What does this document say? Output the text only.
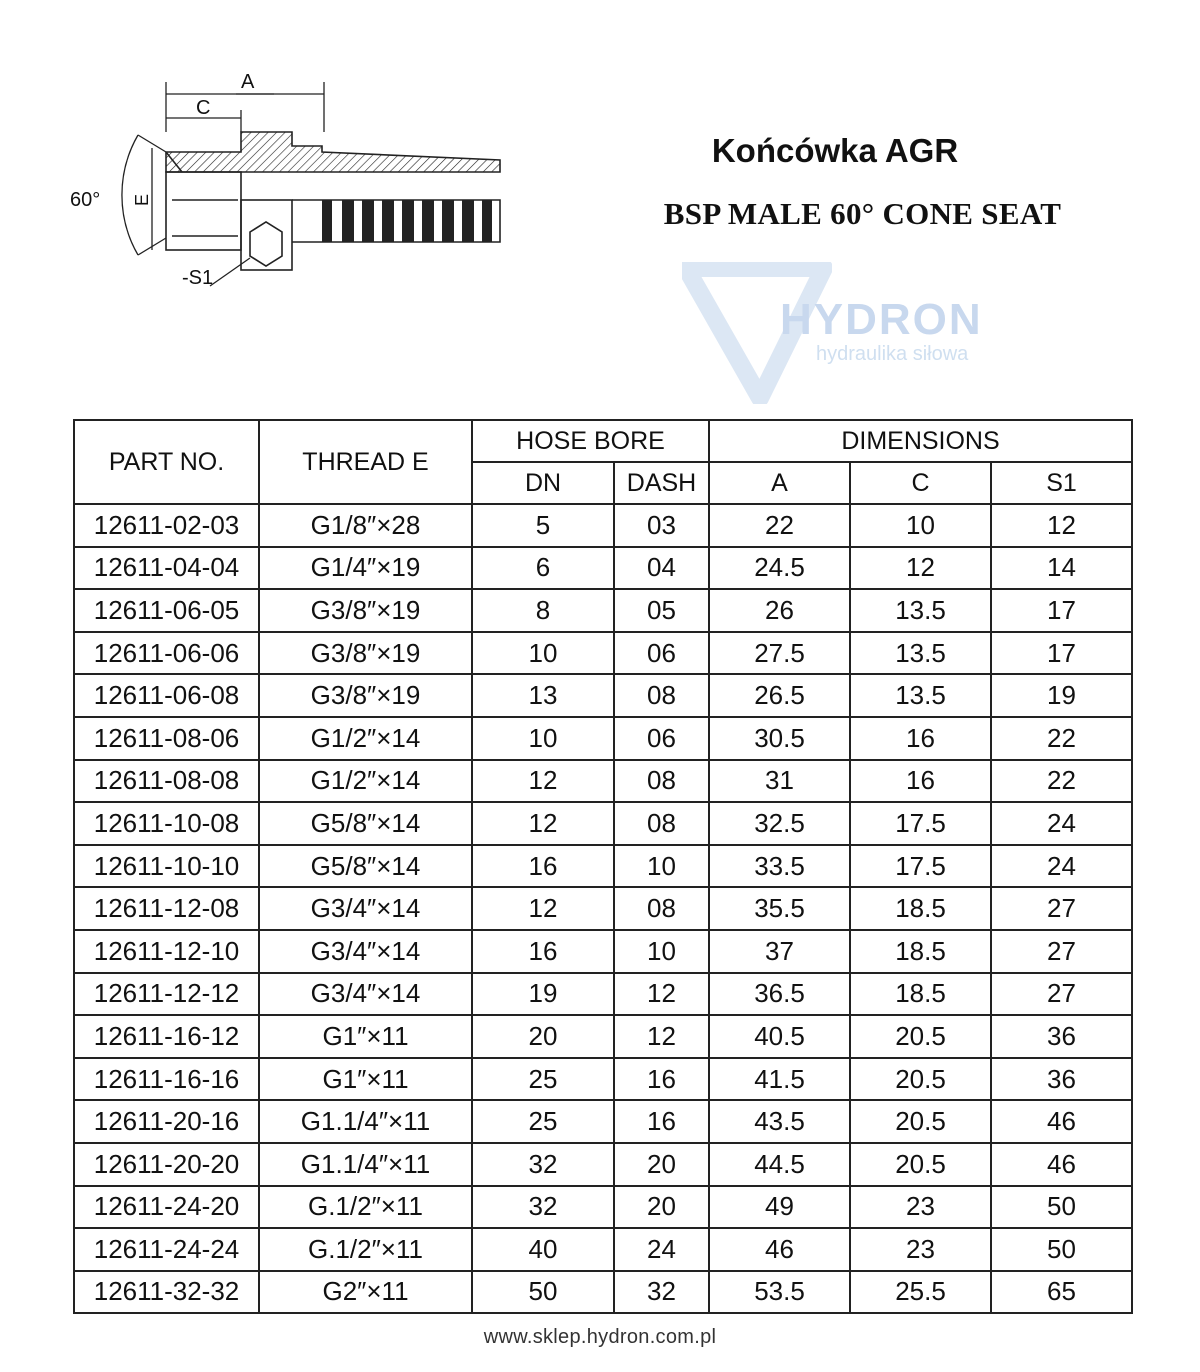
A
C
60° E
-S1
Końcówka AGR
BSP MALE 60° CONE SEAT
HYDRON
hydraulika siłowa
PART NO.	THREAD E	HOSE BORE		DIMENSIONS		
		DN	DASH	A	C	S1
12611-02-03	G1/8″×28	5	03	22	10	12
12611-04-04	G1/4″×19	6	04	24.5	12	14
12611-06-05	G3/8″×19	8	05	26	13.5	17
12611-06-06	G3/8″×19	10	06	27.5	13.5	17
12611-06-08	G3/8″×19	13	08	26.5	13.5	19
12611-08-06	G1/2″×14	10	06	30.5	16	22
12611-08-08	G1/2″×14	12	08	31	16	22
12611-10-08	G5/8″×14	12	08	32.5	17.5	24
12611-10-10	G5/8″×14	16	10	33.5	17.5	24
12611-12-08	G3/4″×14	12	08	35.5	18.5	27
12611-12-10	G3/4″×14	16	10	37	18.5	27
12611-12-12	G3/4″×14	19	12	36.5	18.5	27
12611-16-12	G1″×11	20	12	40.5	20.5	36
12611-16-16	G1″×11	25	16	41.5	20.5	36
12611-20-16	G1.1/4″×11	25	16	43.5	20.5	46
12611-20-20	G1.1/4″×11	32	20	44.5	20.5	46
12611-24-20	G.1/2″×11	32	20	49	23	50
12611-24-24	G.1/2″×11	40	24	46	23	50
12611-32-32	G2″×11	50	32	53.5	25.5	65
www.sklep.hydron.com.pl
